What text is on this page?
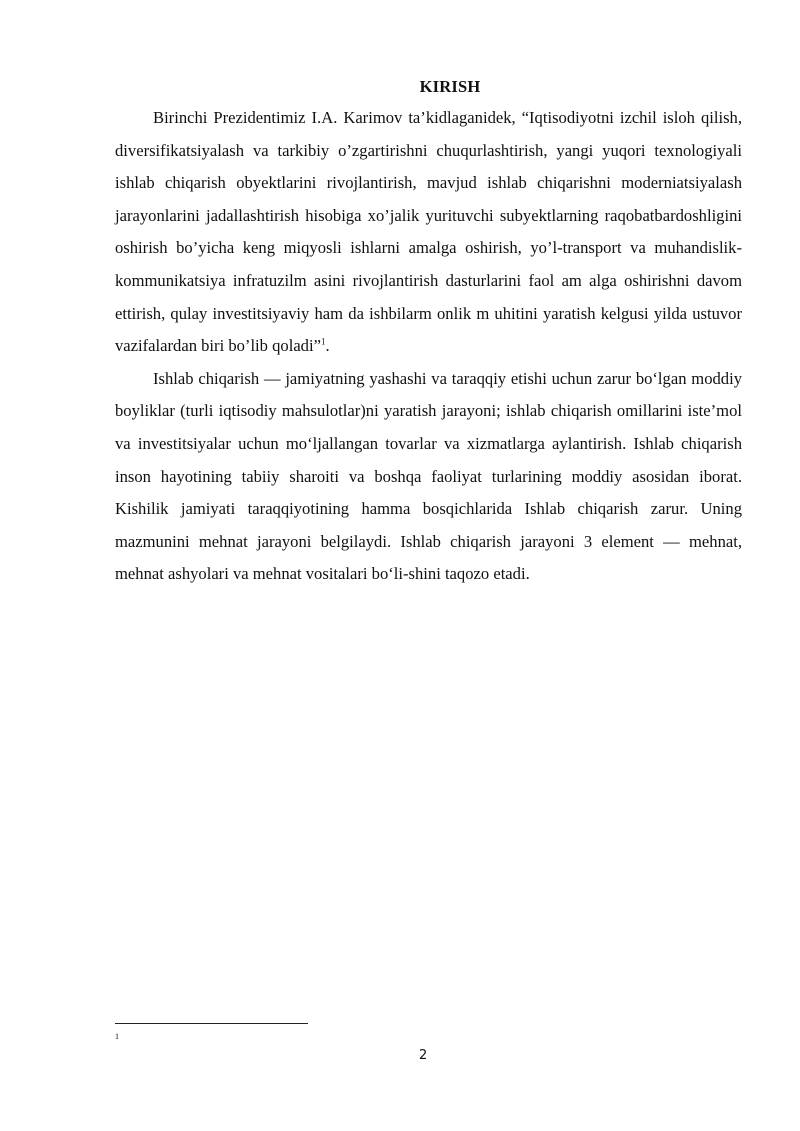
KIRISH

Birinchi Prezidentimiz I.A. Karimov ta’kidlaganidek, “Iqtisodiyotni izchil isloh qilish, diversifikatsiyalash va tarkibiy o’zgartirishni chuqurlashtirish, yangi yuqori texnologiyali ishlab chiqarish obyektlarini rivojlantirish, mavjud ishlab chiqarishni moderniatsiyalash jarayonlarini jadallashtirish hisobiga xo’jalik yurituvchi subyektlarning raqobatbardoshligini oshirish bo’yicha keng miqyosli ishlarni amalga oshirish, yo’l-transport va muhandislik-kommunikatsiya infratuzilm asini rivojlantirish dasturlarini faol am alga oshirishni davom ettirish, qulay investitsiyaviy ham da ishbilarm onlik m uhitini yaratish kelgusi yilda ustuvor vazifalardan biri bo’lib qoladi”$^1$.

Ishlab chiqarish — jamiyatning yashashi va taraqqiy etishi uchun zarur bo‘lgan moddiy boyliklar (turli iqtisodiy mahsulotlar)ni yaratish jarayoni; ishlab chiqarish omillarini iste’mol va investitsiyalar uchun mo‘ljallangan tovarlar va xizmatlarga aylantirish. Ishlab chiqarish inson hayotining tabiiy sharoiti va boshqa faoliyat turlarining moddiy asosidan iborat. Kishilik jamiyati taraqqiyotining hamma bosqichlarida Ishlab chiqarish zarur. Uning mazmunini mehnat jarayoni belgilaydi. Ishlab chiqarish jarayoni 3 element — mehnat, mehnat ashyolari va mehnat vositalari bo‘li-shini taqozo etadi.

1
2
